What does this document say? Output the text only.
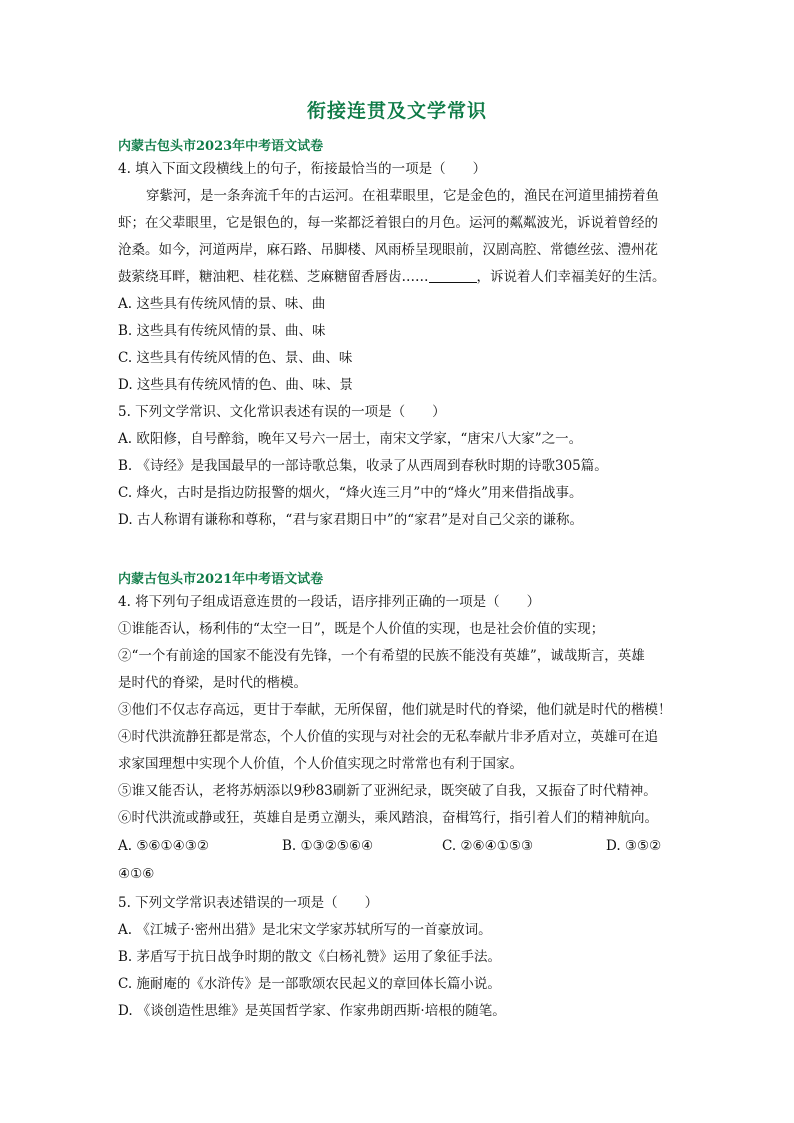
衔接连贯及文学常识
内蒙古包头市2023年中考语文试卷
4. 填入下面文段横线上的句子，衔接最恰当的一项是（　　）
穿紫河，是一条奔流千年的古运河。在祖辈眼里，它是金色的，渔民在河道里捕捞着鱼
虾；在父辈眼里，它是银色的，每一桨都泛着银白的月色。运河的粼粼波光，诉说着曾经的
沧桑。如今，河道两岸，麻石路、吊脚楼、风雨桥呈现眼前，汉剧高腔、常德丝弦、澧州花
鼓萦绕耳畔，糖油粑、桂花糕、芝麻糖留香唇齿……	，诉说着人们幸福美好的生活。
A. 这些具有传统风情的景、味、曲
B. 这些具有传统风情的景、曲、味
C. 这些具有传统风情的色、景、曲、味
D. 这些具有传统风情的色、曲、味、景
5. 下列文学常识、文化常识表述有误的一项是（　　）
A. 欧阳修，自号醉翁，晚年又号六一居士，南宋文学家，“唐宋八大家”之一。
B. 《诗经》是我国最早的一部诗歌总集，收录了从西周到春秋时期的诗歌305篇。
C. 烽火，古时是指边防报警的烟火，“烽火连三月”中的“烽火”用来借指战事。
D. 古人称谓有谦称和尊称，“君与家君期日中”的“家君”是对自己父亲的谦称。
内蒙古包头市2021年中考语文试卷
4. 将下列句子组成语意连贯的一段话，语序排列正确的一项是（　　）
①谁能否认，杨利伟的“太空一日”，既是个人价值的实现，也是社会价值的实现；
②“一个有前途的国家不能没有先锋，一个有希望的民族不能没有英雄”，诚哉斯言，英雄
是时代的脊梁，是时代的楷模。
③他们不仅志存高远，更甘于奉献，无所保留，他们就是时代的脊梁，他们就是时代的楷模！
④时代洪流静狂都是常态，个人价值的实现与对社会的无私奉献片非矛盾对立，英雄可在追
求家国理想中实现个人价值，个人价值实现之时常常也有利于国家。
⑤谁又能否认，老将苏炳添以9秒83刷新了亚洲纪录，既突破了自我，又振奋了时代精神。
⑥时代洪流或静或狂，英雄自是勇立潮头，乘风踏浪，奋楫笃行，指引着人们的精神航向。
A. ⑤⑥①④③②	B. ①③②⑤⑥④	C. ②⑥④①⑤③	D. ③⑤②
④①⑥
5. 下列文学常识表述错误的一项是（　　）
A. 《江城子·密州出猎》是北宋文学家苏轼所写的一首豪放词。
B. 茅盾写于抗日战争时期的散文《白杨礼赞》运用了象征手法。
C. 施耐庵的《水浒传》是一部歌颂农民起义的章回体长篇小说。
D. 《谈创造性思维》是英国哲学家、作家弗朗西斯·培根的随笔。
